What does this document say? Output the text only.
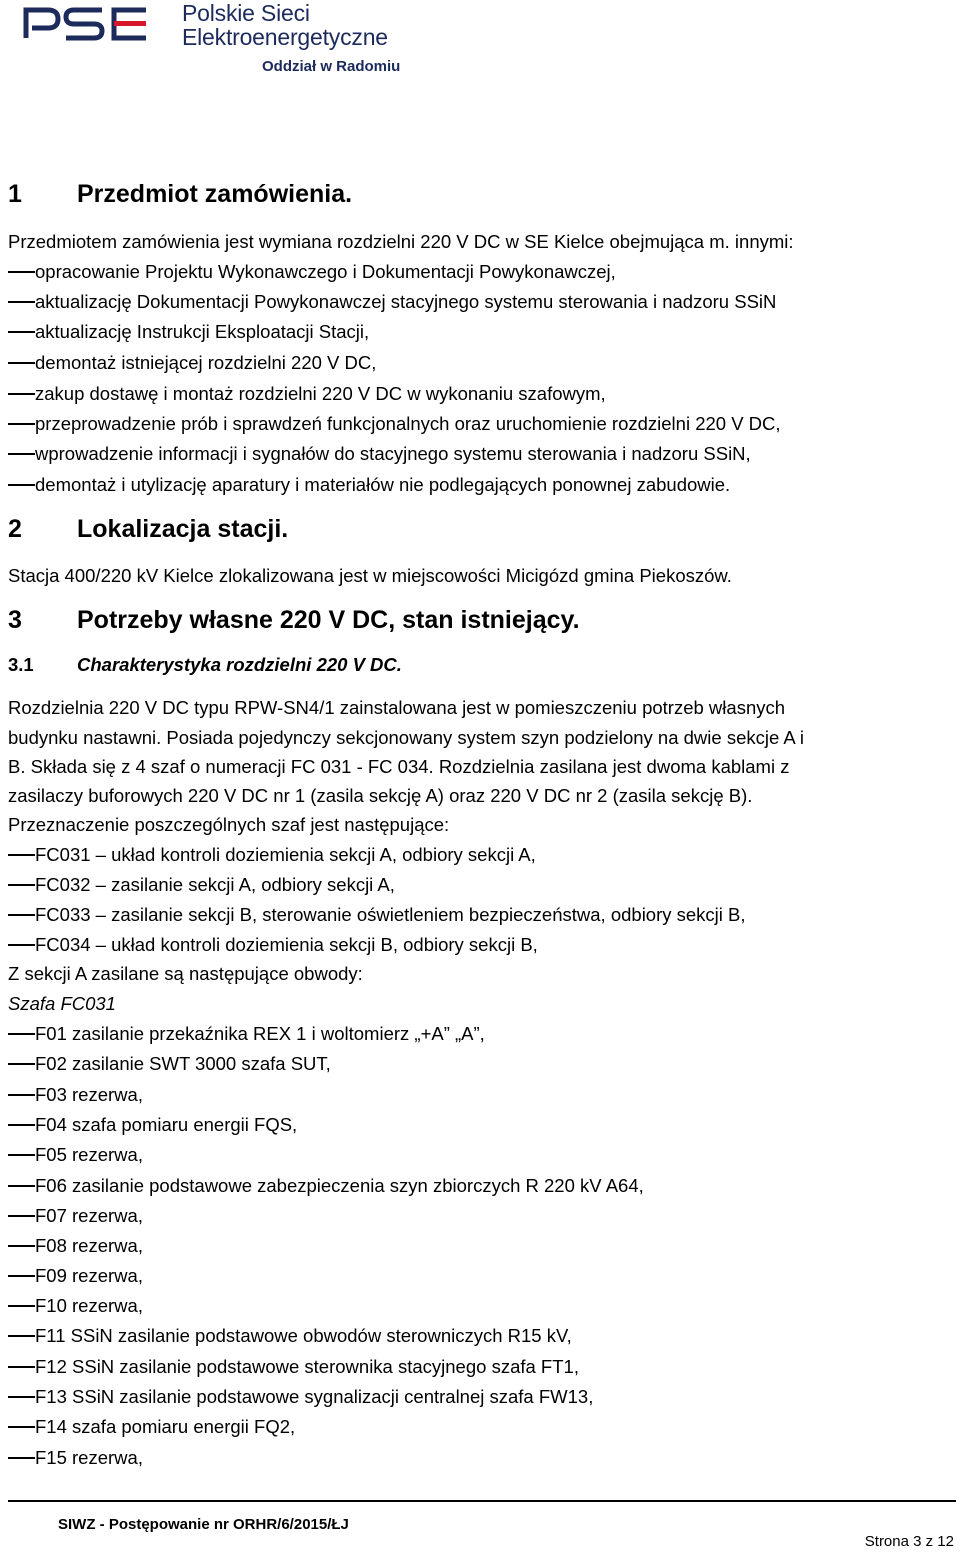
Polskie Sieci
Elektroenergetyczne
Oddział w Radomiu
1 Przedmiot zamówienia.
Przedmiotem zamówienia jest wymiana rozdzielni 220 V DC w SE Kielce obejmująca m. innymi:
opracowanie Projektu Wykonawczego i Dokumentacji Powykonawczej,
aktualizację Dokumentacji Powykonawczej stacyjnego systemu sterowania i nadzoru SSiN
aktualizację Instrukcji Eksploatacji Stacji,
demontaż istniejącej rozdzielni 220 V DC,
zakup dostawę i montaż rozdzielni 220 V DC w wykonaniu szafowym,
przeprowadzenie prób i sprawdzeń funkcjonalnych oraz uruchomienie rozdzielni 220 V DC,
wprowadzenie informacji i sygnałów do stacyjnego systemu sterowania i nadzoru SSiN,
demontaż i utylizację aparatury i materiałów nie podlegających ponownej zabudowie.
2 Lokalizacja stacji.
Stacja 400/220 kV Kielce zlokalizowana jest w miejscowości Micigózd gmina Piekoszów.
3 Potrzeby własne 220 V DC, stan istniejący.
3.1 Charakterystyka rozdzielni 220 V DC.
Rozdzielnia 220 V DC typu RPW-SN4/1 zainstalowana jest w pomieszczeniu potrzeb własnych
budynku nastawni. Posiada pojedynczy sekcjonowany system szyn podzielony na dwie sekcje A i
B. Składa się z 4 szaf o numeracji FC 031 - FC 034. Rozdzielnia zasilana jest dwoma kablami z
zasilaczy buforowych 220 V DC nr 1 (zasila sekcję A) oraz 220 V DC nr 2 (zasila sekcję B).
Przeznaczenie poszczególnych szaf jest następujące:
FC031 – układ kontroli doziemienia sekcji A, odbiory sekcji A,
FC032 – zasilanie sekcji A, odbiory sekcji A,
FC033 – zasilanie sekcji B, sterowanie oświetleniem bezpieczeństwa, odbiory sekcji B,
FC034 – układ kontroli doziemienia sekcji B, odbiory sekcji B,
Z sekcji A zasilane są następujące obwody:
Szafa FC031
F01 zasilanie przekaźnika REX 1 i woltomierz „+A” „A”,
F02 zasilanie SWT 3000 szafa SUT,
F03 rezerwa,
F04 szafa pomiaru energii FQS,
F05 rezerwa,
F06 zasilanie podstawowe zabezpieczenia szyn zbiorczych R 220 kV A64,
F07 rezerwa,
F08 rezerwa,
F09 rezerwa,
F10 rezerwa,
F11 SSiN zasilanie podstawowe obwodów sterowniczych R15 kV,
F12 SSiN zasilanie podstawowe sterownika stacyjnego szafa FT1,
F13 SSiN zasilanie podstawowe sygnalizacji centralnej szafa FW13,
F14 szafa pomiaru energii FQ2,
F15 rezerwa,
SIWZ - Postępowanie nr ORHR/6/2015/ŁJ
Strona 3 z 12
